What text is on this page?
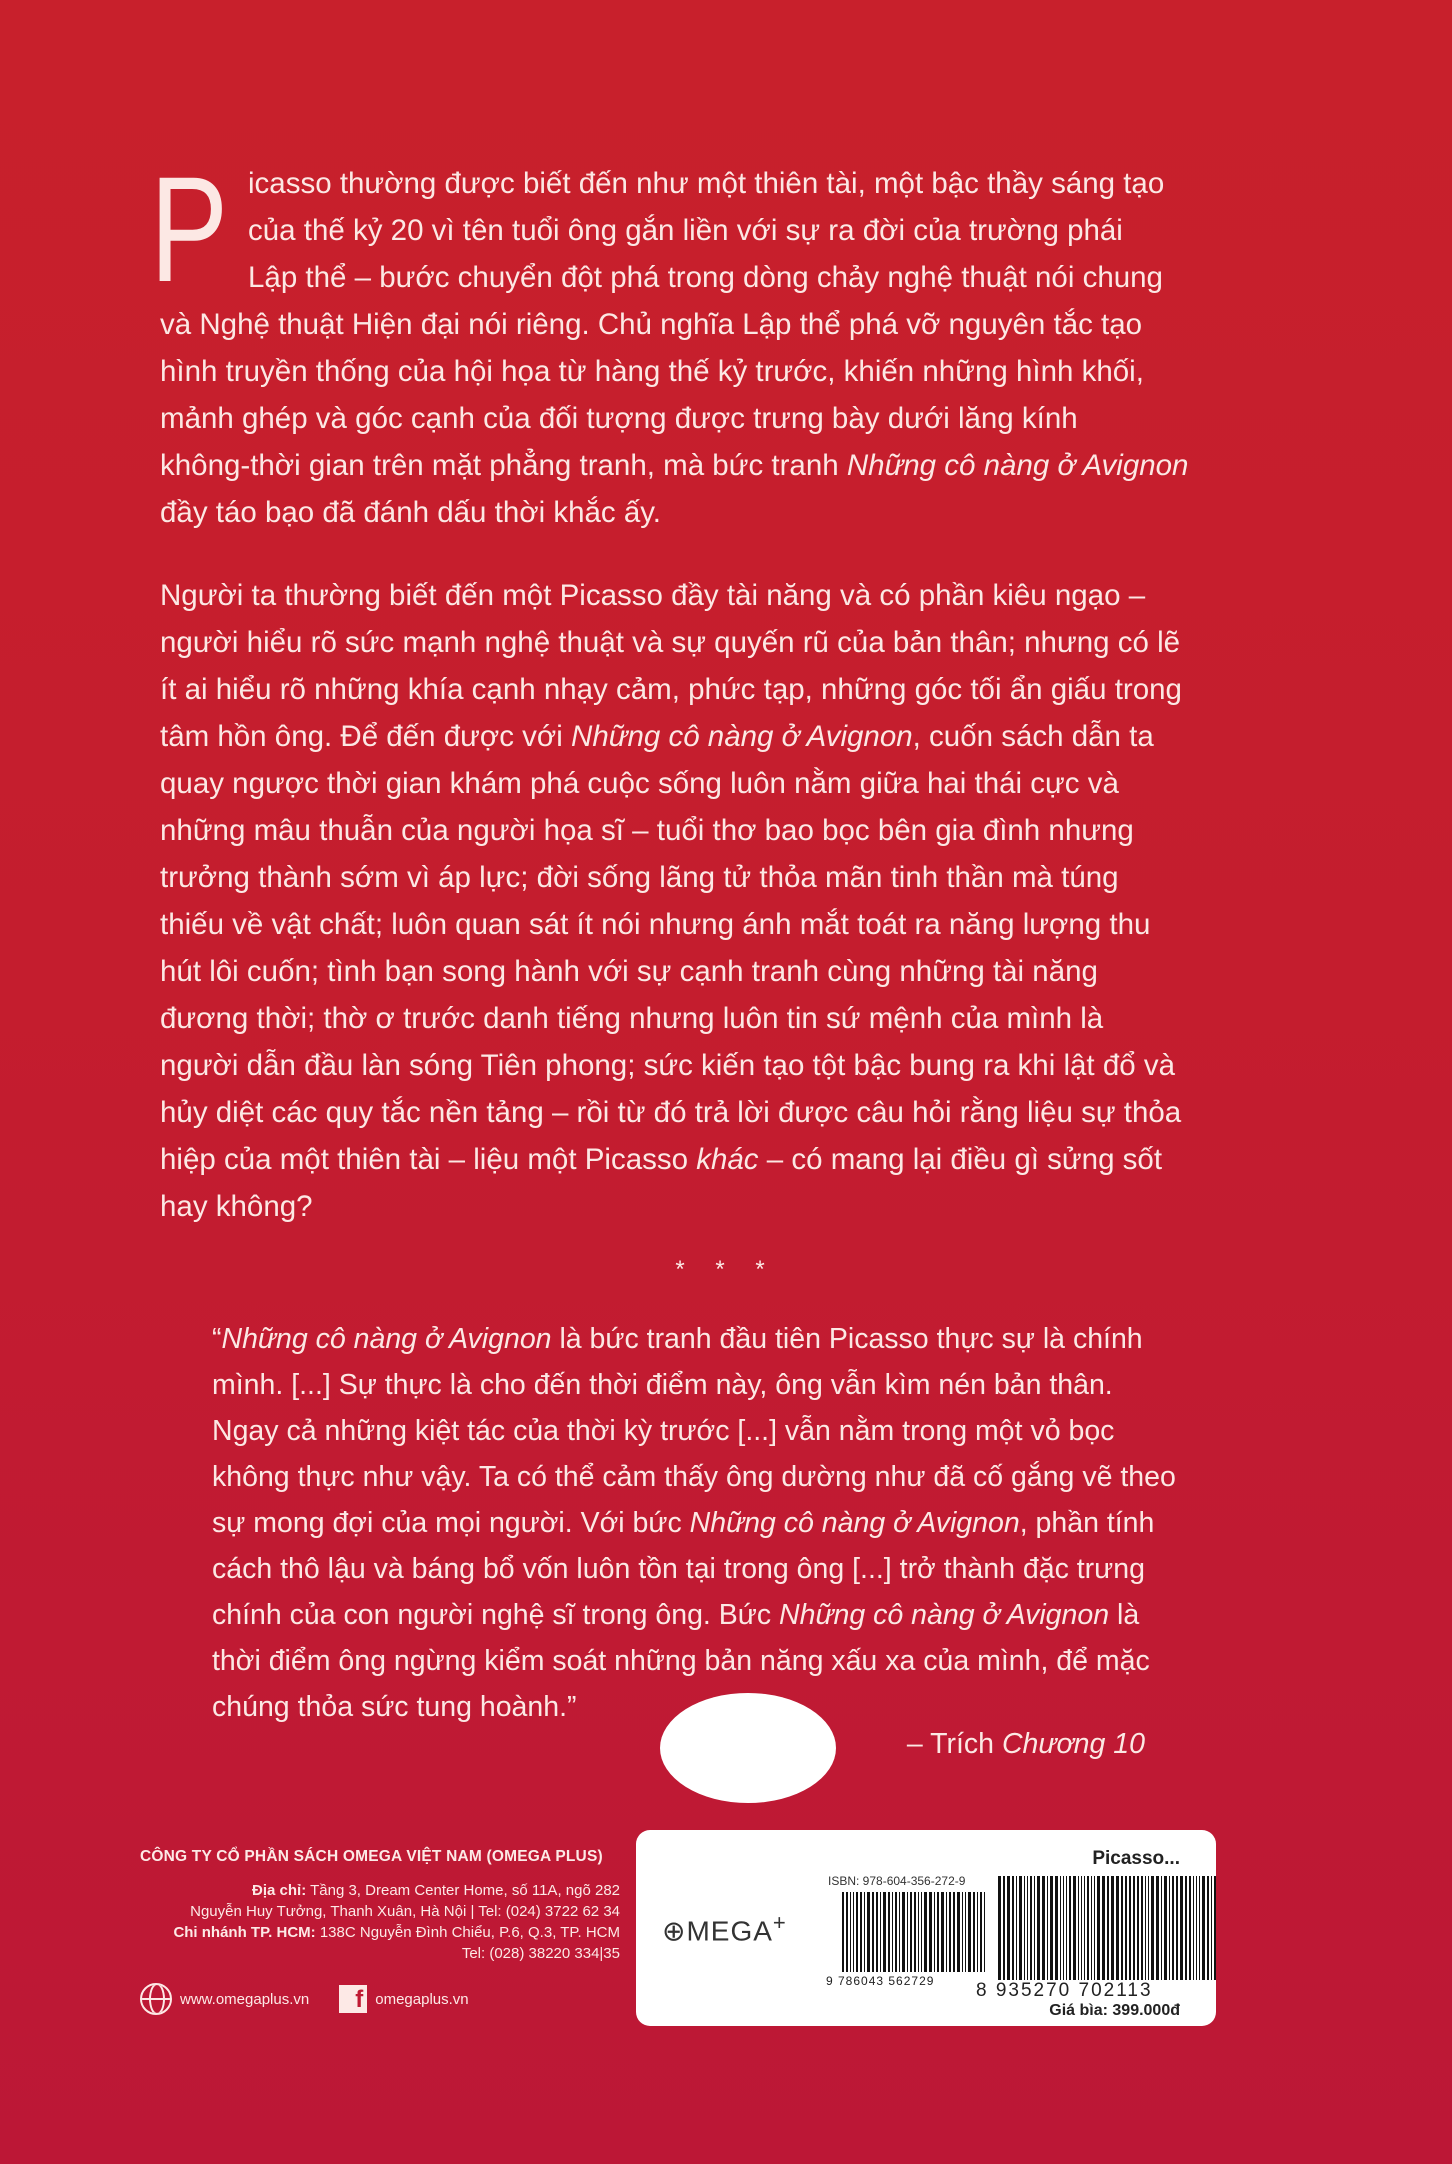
P icasso thường được biết đến như một thiên tài, một bậc thầy sáng tạo
của thế kỷ 20 vì tên tuổi ông gắn liền với sự ra đời của trường phái
Lập thể – bước chuyển đột phá trong dòng chảy nghệ thuật nói chung
và Nghệ thuật Hiện đại nói riêng. Chủ nghĩa Lập thể phá vỡ nguyên tắc tạo
hình truyền thống của hội họa từ hàng thế kỷ trước, khiến những hình khối,
mảnh ghép và góc cạnh của đối tượng được trưng bày dưới lăng kính
không-thời gian trên mặt phẳng tranh, mà bức tranh Những cô nàng ở Avignon
đầy táo bạo đã đánh dấu thời khắc ấy.
Người ta thường biết đến một Picasso đầy tài năng và có phần kiêu ngạo –
người hiểu rõ sức mạnh nghệ thuật và sự quyến rũ của bản thân; nhưng có lẽ
ít ai hiểu rõ những khía cạnh nhạy cảm, phức tạp, những góc tối ẩn giấu trong
tâm hồn ông. Để đến được với Những cô nàng ở Avignon, cuốn sách dẫn ta
quay ngược thời gian khám phá cuộc sống luôn nằm giữa hai thái cực và
những mâu thuẫn của người họa sĩ – tuổi thơ bao bọc bên gia đình nhưng
trưởng thành sớm vì áp lực; đời sống lãng tử thỏa mãn tinh thần mà túng
thiếu về vật chất; luôn quan sát ít nói nhưng ánh mắt toát ra năng lượng thu
hút lôi cuốn; tình bạn song hành với sự cạnh tranh cùng những tài năng
đương thời; thờ ơ trước danh tiếng nhưng luôn tin sứ mệnh của mình là
người dẫn đầu làn sóng Tiên phong; sức kiến tạo tột bậc bung ra khi lật đổ và
hủy diệt các quy tắc nền tảng – rồi từ đó trả lời được câu hỏi rằng liệu sự thỏa
hiệp của một thiên tài – liệu một Picasso khác – có mang lại điều gì sửng sốt
hay không?
* * *
“Những cô nàng ở Avignon là bức tranh đầu tiên Picasso thực sự là chính
mình. [...] Sự thực là cho đến thời điểm này, ông vẫn kìm nén bản thân.
Ngay cả những kiệt tác của thời kỳ trước [...] vẫn nằm trong một vỏ bọc
không thực như vậy. Ta có thể cảm thấy ông dường như đã cố gắng vẽ theo
sự mong đợi của mọi người. Với bức Những cô nàng ở Avignon, phần tính
cách thô lậu và báng bổ vốn luôn tồn tại trong ông [...] trở thành đặc trưng
chính của con người nghệ sĩ trong ông. Bức Những cô nàng ở Avignon là
thời điểm ông ngừng kiểm soát những bản năng xấu xa của mình, để mặc
chúng thỏa sức tung hoành.”
– Trích Chương 10
CÔNG TY CỔ PHẦN SÁCH OMEGA VIỆT NAM (OMEGA PLUS)
Địa chỉ: Tầng 3, Dream Center Home, số 11A, ngõ 282
Nguyễn Huy Tưởng, Thanh Xuân, Hà Nội | Tel: (024) 3722 62 34
Chi nhánh TP. HCM: 138C Nguyễn Đình Chiểu, P.6, Q.3, TP. HCM
Tel: (028) 38220 334|35
www.omegaplus.vn	f omegaplus.vn
Picasso...
ISBN: 978-604-356-272-9
⊕MEGA+
9 786043 562729 8 935270 702113
Giá bìa: 399.000đ
